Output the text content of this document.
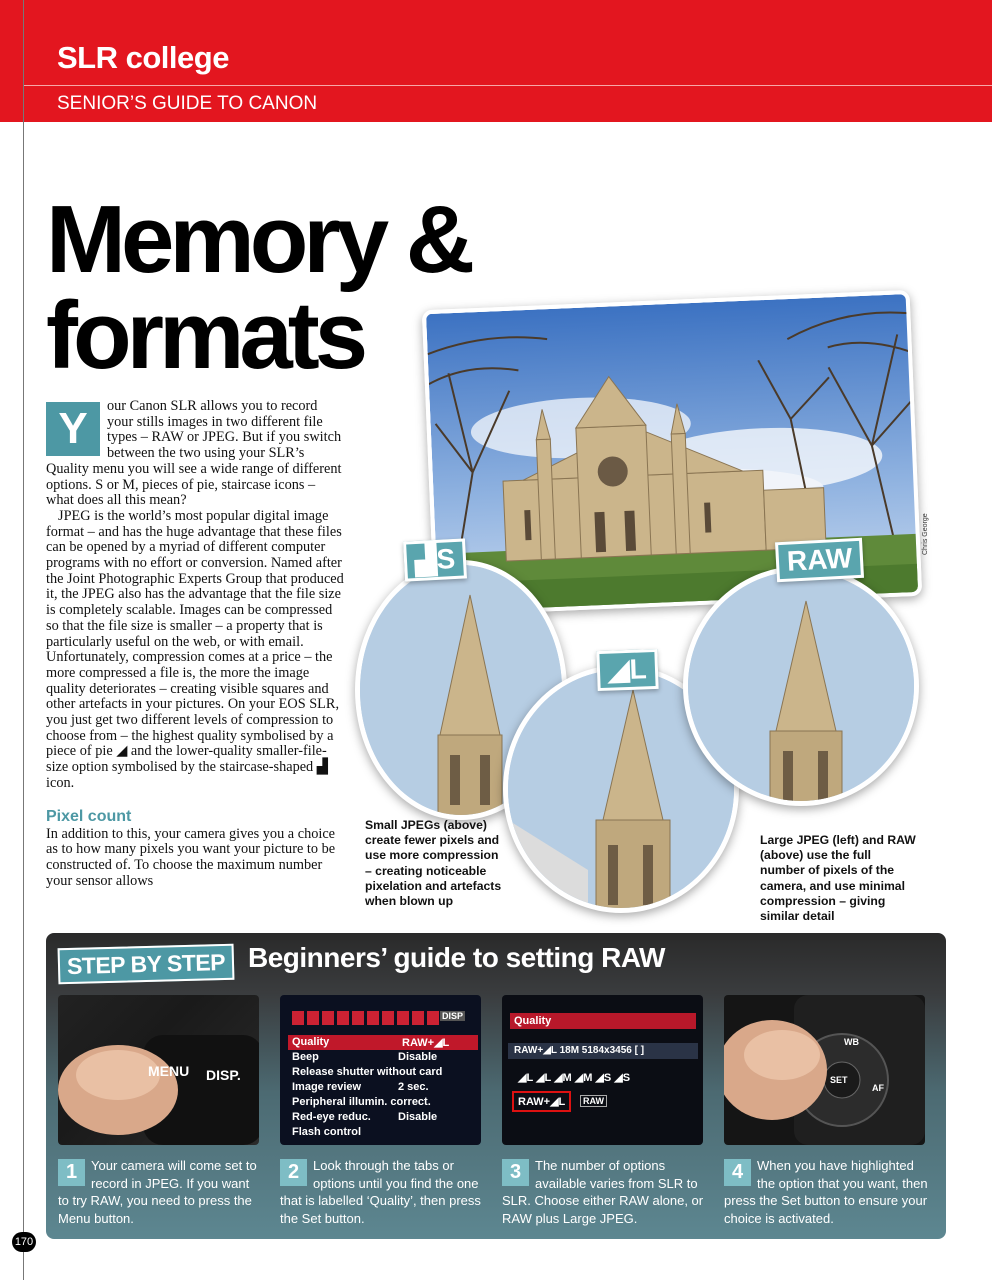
SLR college
SENIOR’S GUIDE TO CANON
Memory &
formats
Y	our Canon SLR allows you to record your stills images in two different file types – RAW or JPEG. But if you switch between the two using your SLR’s Quality menu you will see a wide range of different options. S or M, pieces of pie, staircase icons – what does all this mean?

JPEG is the world’s most popular digital image format – and has the huge advantage that these files can be opened by a myriad of different computer programs with no effort or conversion. Named after the Joint Photographic Experts Group that produced it, the JPEG also has the advantage that the file size is completely scalable. Images can be compressed so that the file size is smaller – a property that is particularly useful on the web, or with email. Unfortunately, compression comes at a price – the more compressed a file is, the more the image quality deteriorates – creating visible squares and other artefacts in your pictures. On your EOS SLR, you just get two different levels of compression to choose from – the highest quality symbolised by a piece of pie ◢ and the lower-quality smaller-file-size option symbolised by the staircase-shaped ▟ icon.

Pixel count

In addition to this, your camera gives you a choice as to how many pixels you want your picture to be constructed of. To choose the maximum number your sensor allows

Chris George
▟S
◢L
RAW
Small JPEGs (above) create fewer pixels and use more compression – creating noticeable pixelation and artefacts when blown up
Large JPEG (left) and RAW (above) use the full number of pixels of the camera, and use minimal compression – giving similar detail
STEP BY STEP Beginners’ guide to setting RAW
MENU DISP.
DISP
Quality	RAW+◢L
Beep	Disable
Release shutter without card
Image review	2 sec.
Peripheral illumin. correct.
Red-eye reduc. Disable
Flash control
Quality
RAW+◢L 18M 5184x3456 [ ]
◢L ◢L ◢M ◢M ◢S ◢S
RAW+◢L	RAW
WB
SET
AF
1	Your camera will come set to record in JPEG. If you want to try RAW, you need to press the Menu button.
2	Look through the tabs or options until you find the one that is labelled ‘Quality’, then press the Set button.
3	The number of options available varies from SLR to SLR. Choose either RAW alone, or RAW plus Large JPEG.
4	When you have highlighted the option that you want, then press the Set button to ensure your choice is activated.
170
